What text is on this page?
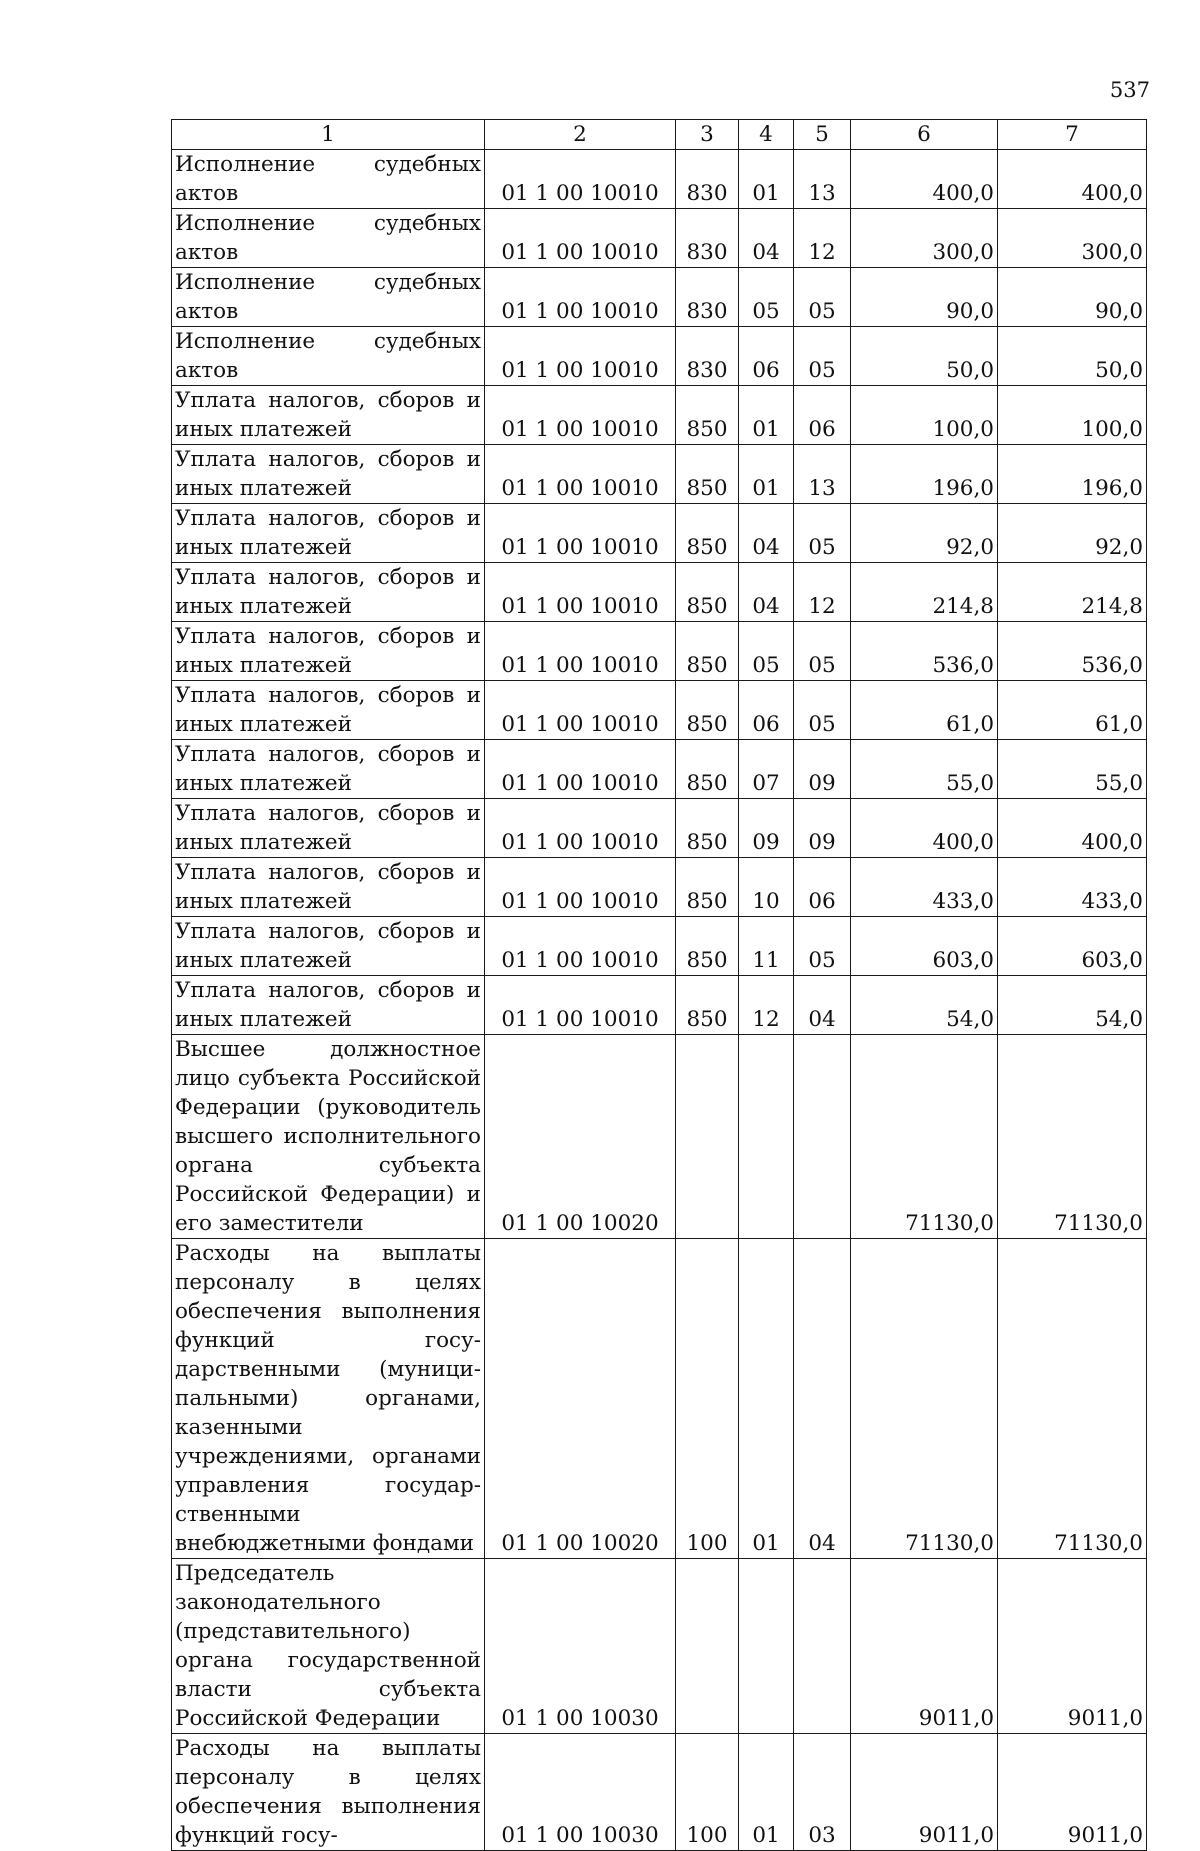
537
1	2	3	4	5	6	7
Исполнение судебных актов	01 1 00 10010	830	01	13	400,0	400,0
Исполнение судебных актов	01 1 00 10010	830	04	12	300,0	300,0
Исполнение судебных актов	01 1 00 10010	830	05	05	90,0	90,0
Исполнение судебных актов	01 1 00 10010	830	06	05	50,0	50,0
Уплата налогов, сборов и иных платежей	01 1 00 10010	850	01	06	100,0	100,0
Уплата налогов, сборов и иных платежей	01 1 00 10010	850	01	13	196,0	196,0
Уплата налогов, сборов и иных платежей	01 1 00 10010	850	04	05	92,0	92,0
Уплата налогов, сборов и иных платежей	01 1 00 10010	850	04	12	214,8	214,8
Уплата налогов, сборов и иных платежей	01 1 00 10010	850	05	05	536,0	536,0
Уплата налогов, сборов и иных платежей	01 1 00 10010	850	06	05	61,0	61,0
Уплата налогов, сборов и иных платежей	01 1 00 10010	850	07	09	55,0	55,0
Уплата налогов, сборов и иных платежей	01 1 00 10010	850	09	09	400,0	400,0
Уплата налогов, сборов и иных платежей	01 1 00 10010	850	10	06	433,0	433,0
Уплата налогов, сборов и иных платежей	01 1 00 10010	850	11	05	603,0	603,0
Уплата налогов, сборов и иных платежей	01 1 00 10010	850	12	04	54,0	54,0
Высшее должностное лицо субъекта Российской Федерации (руководитель высшего исполнительного органа субъекта Российской Федерации) и его заместители	01 1 00 10020				71130,0	71130,0
Расходы на выплаты персоналу в целях обеспечения выполнения функций государственными (муниципальными) органами, казенными учреждениями, органами управления государственными внебюджетными фондами	01 1 00 10020	100	01	04	71130,0	71130,0
Председатель законодательного (представительного) органа государственной власти субъекта Российской Федерации	01 1 00 10030				9011,0	9011,0
Расходы на выплаты персоналу в целях обеспечения выполнения функций госу-	01 1 00 10030	100	01	03	9011,0	9011,0
